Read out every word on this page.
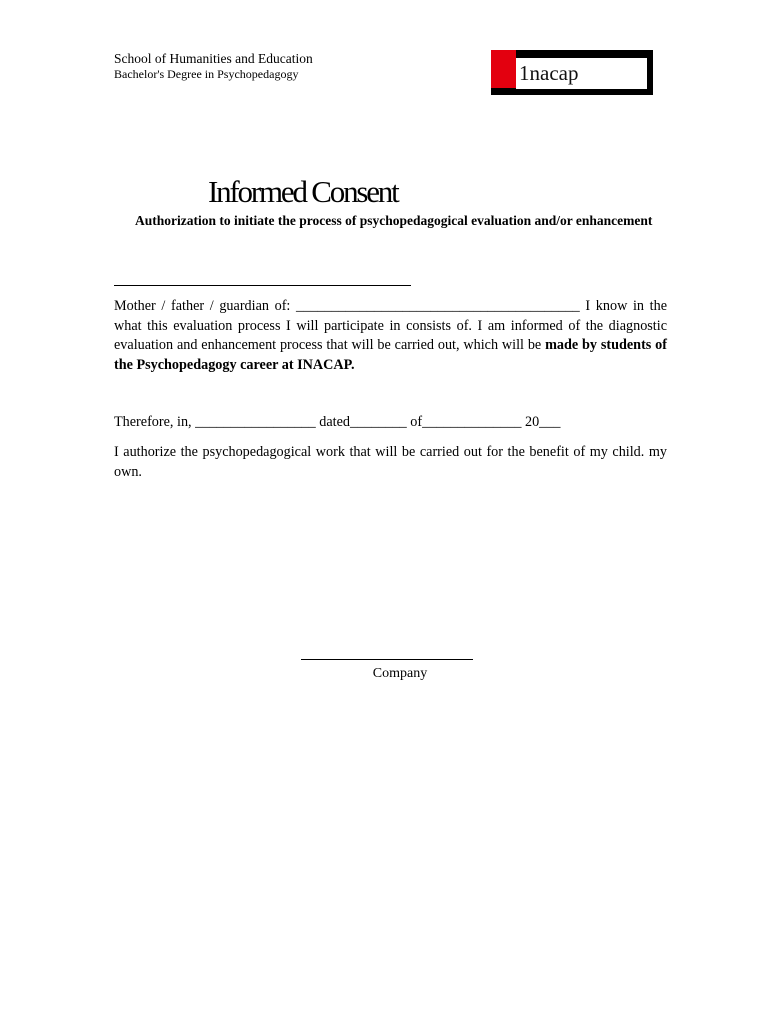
School of Humanities and Education
Bachelor's Degree in Psychopedagogy	1nacap
Informed Consent
Authorization to initiate the process of psychopedagogical evaluation and/or enhancement
Mother / father / guardian of: ________________________________________ I know in the what this evaluation process I will participate in consists of. I am informed of the diagnostic evaluation and enhancement process that will be carried out, which will be made by students of the Psychopedagogy career at INACAP.
Therefore, in, _________________ dated________ of______________ 20___
I authorize the psychopedagogical work that will be carried out for the benefit of my child. my own.
Company
